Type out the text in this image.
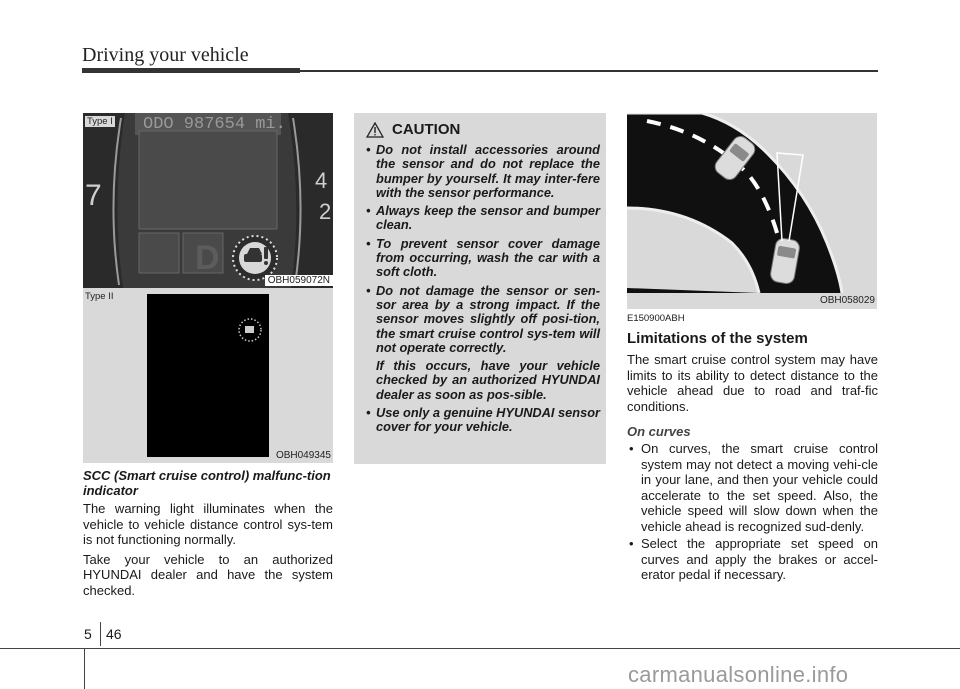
Driving your vehicle
7	4
2
D
ODO 987654 mi.
Type I
OBH059072N
Type II
OBH049345
SCC (Smart cruise control) malfunc-tion indicator
The warning light illuminates when the vehicle to vehicle distance control sys-tem is not functioning normally.
Take your vehicle to an authorized HYUNDAI dealer and have the system checked.
CAUTION
• Do not install accessories around the sensor and do not replace the bumper by yourself. It may inter-fere with the sensor performance.
• Always keep the sensor and bumper clean.
• To prevent sensor cover damage from occurring, wash the car with a soft cloth.
• Do not damage the sensor or sen-sor area by a strong impact. If the sensor moves slightly off posi-tion, the smart cruise control sys-tem will not operate correctly.
If this occurs, have your vehicle checked by an authorized HYUNDAI dealer as soon as pos-sible.
• Use only a genuine HYUNDAI sensor cover for your vehicle.
OBH058029
E150900ABH
Limitations of the system
The smart cruise control system may have limits to its ability to detect distance to the vehicle ahead due to road and traf-fic conditions.
On curves
• On curves, the smart cruise control system may not detect a moving vehi-cle in your lane, and then your vehicle could accelerate to the set speed. Also, the vehicle speed will slow down when the vehicle ahead is recognized sud-denly.
• Select the appropriate set speed on curves and apply the brakes or accel-erator pedal if necessary.
5 46
carmanualsonline.info
